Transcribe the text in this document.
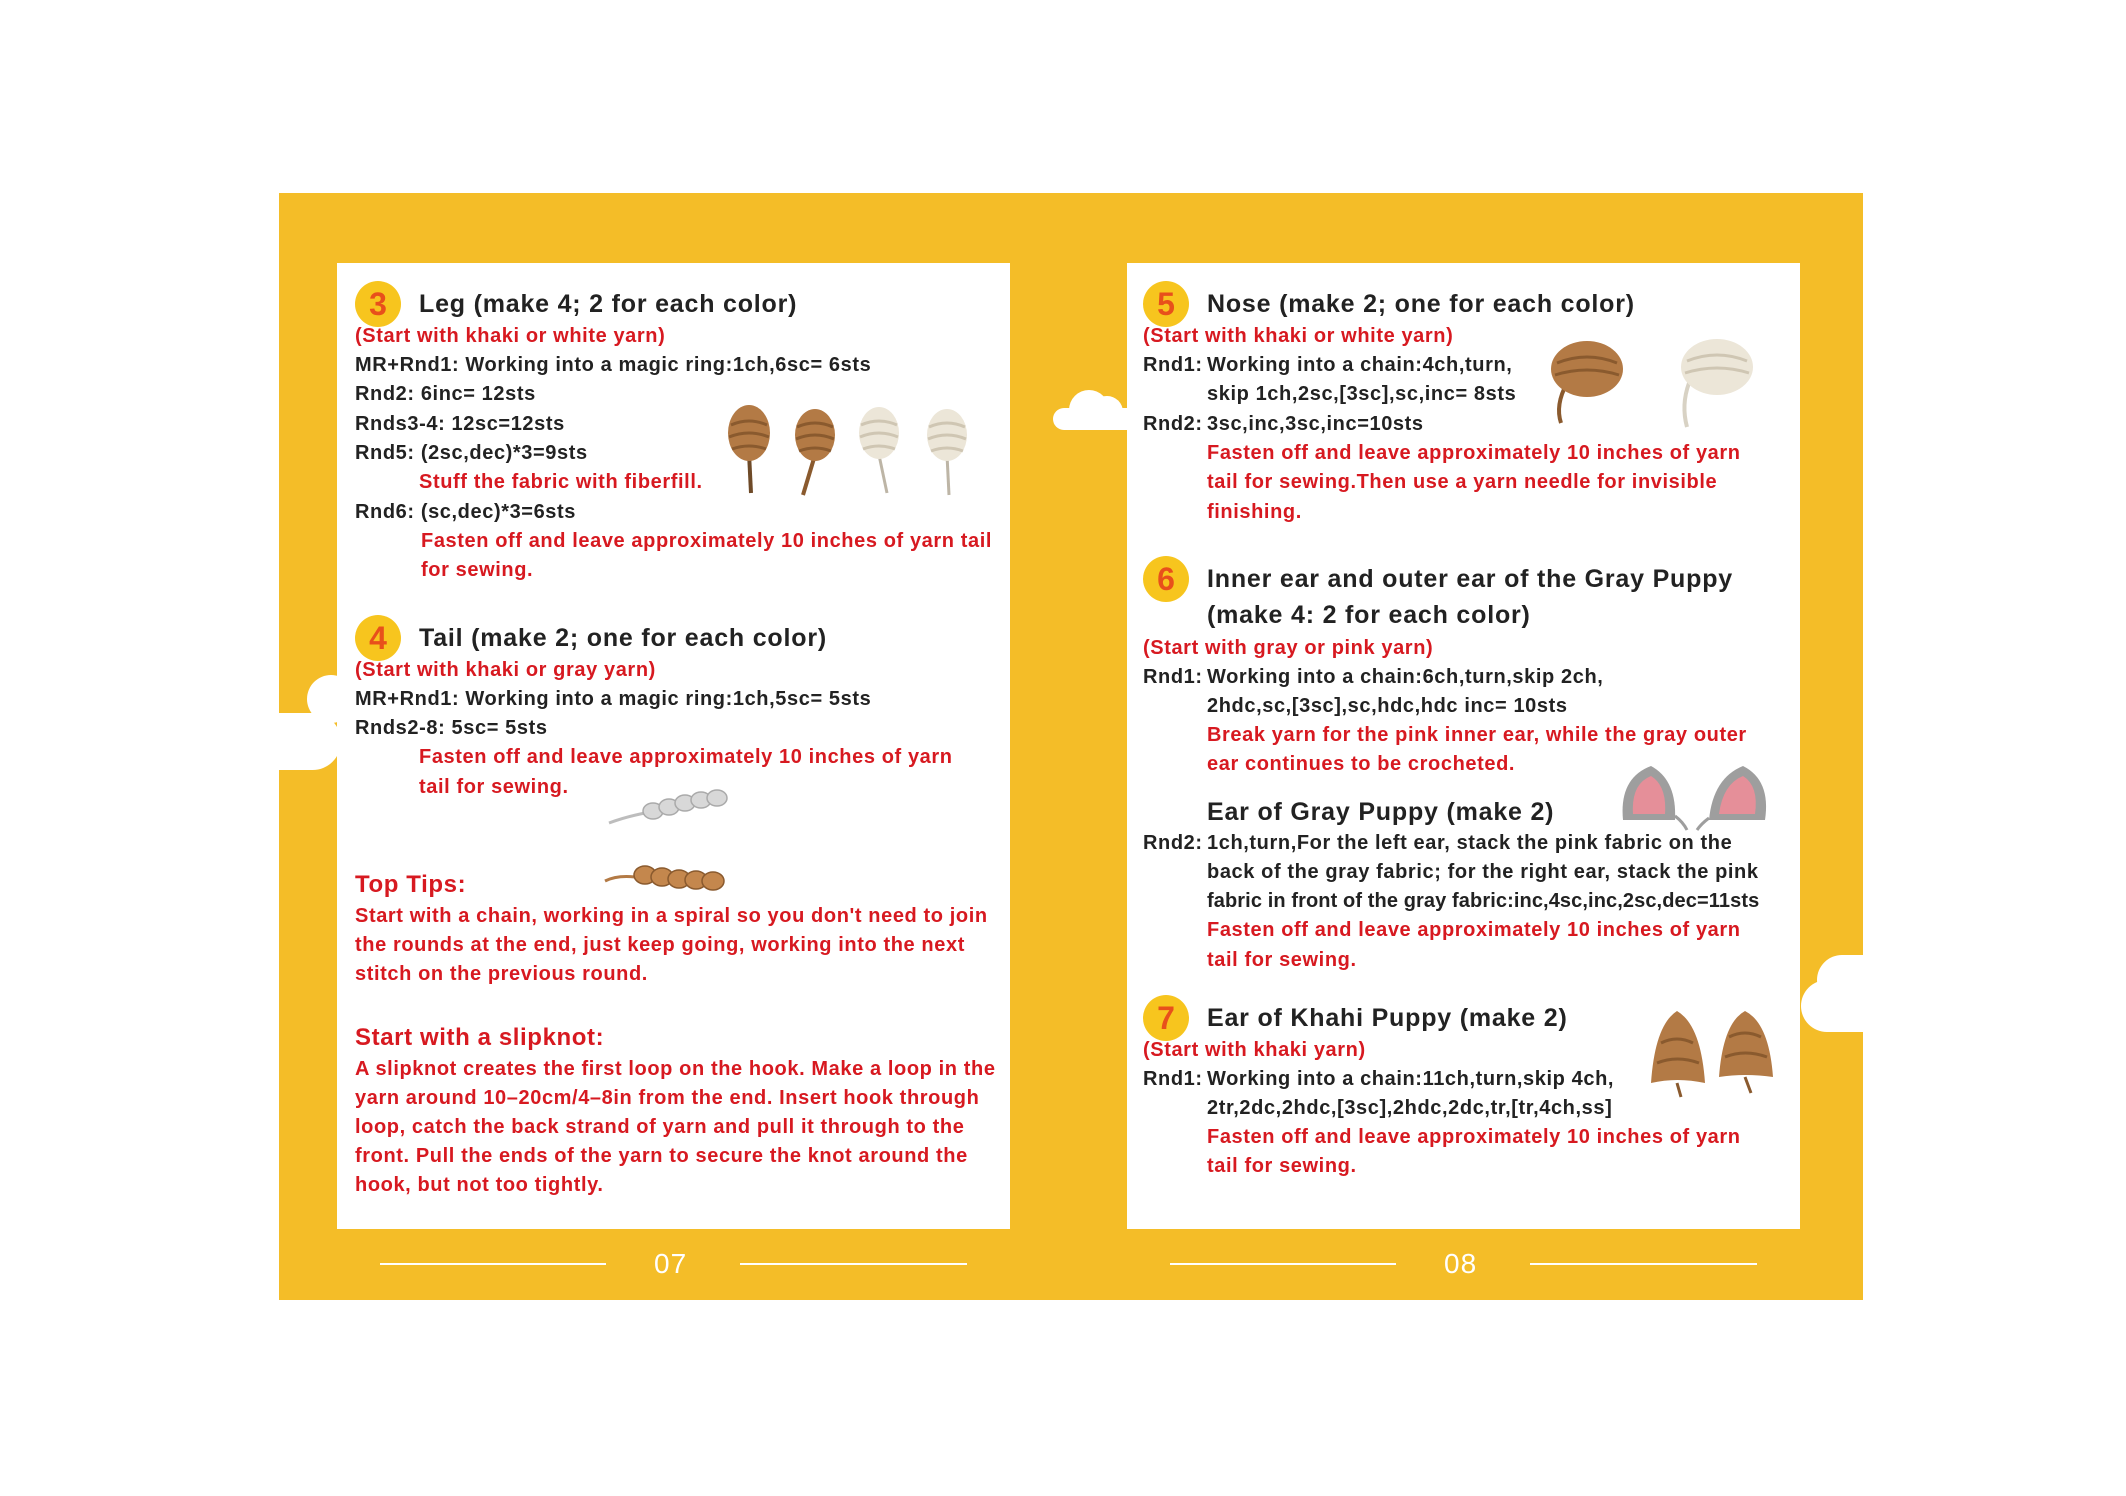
3	Leg (make 4; 2 for each color)
(Start with khaki or white yarn)
MR+Rnd1: Working into a magic ring:1ch,6sc= 6sts
Rnd2: 6inc= 12sts
Rnds3-4: 12sc=12sts
Rnd5: (2sc,dec)*3=9sts
Stuff the fabric with fiberfill.
Rnd6: (sc,dec)*3=6sts
Fasten off and leave approximately 10 inches of yarn tail
for sewing.
4	Tail (make 2; one for each color)
(Start with khaki or gray yarn)
MR+Rnd1: Working into a magic ring:1ch,5sc= 5sts
Rnds2-8: 5sc= 5sts
Fasten off and leave approximately 10 inches of yarn
tail for sewing.
Top Tips:
Start with a chain, working in a spiral so you don't need to join
the rounds at the end, just keep going, working into the next
stitch on the previous round.
Start with a slipknot:
A slipknot creates the first loop on the hook. Make a loop in the
yarn around 10–20cm/4–8in from the end. Insert hook through
loop, catch the back strand of yarn and pull it through to the
front. Pull the ends of the yarn to secure the knot around the
hook, but not too tightly.
5	Nose (make 2; one for each color)
(Start with khaki or white yarn)
Rnd1: Working into a chain:4ch,turn,
skip 1ch,2sc,[3sc],sc,inc= 8sts
Rnd2: 3sc,inc,3sc,inc=10sts
Fasten off and leave approximately 10 inches of yarn
tail for sewing.Then use a yarn needle for invisible
finishing.
6	Inner ear and outer ear of the Gray Puppy
(make 4: 2 for each color)
(Start with gray or pink yarn)
Rnd1: Working into a chain:6ch,turn,skip 2ch,
2hdc,sc,[3sc],sc,hdc,hdc inc= 10sts
Break yarn for the pink inner ear, while the gray outer
ear continues to be crocheted.
Ear of Gray Puppy (make 2)
Rnd2: 1ch,turn,For the left ear, stack the pink fabric on the
back of the gray fabric; for the right ear, stack the pink
fabric in front of the gray fabric:inc,4sc,inc,2sc,dec=11sts
Fasten off and leave approximately 10 inches of yarn
tail for sewing.
7	Ear of Khahi Puppy (make 2)
(Start with khaki yarn)
Rnd1: Working into a chain:11ch,turn,skip 4ch,
2tr,2dc,2hdc,[3sc],2hdc,2dc,tr,[tr,4ch,ss]
Fasten off and leave approximately 10 inches of yarn
tail for sewing.
07	08
